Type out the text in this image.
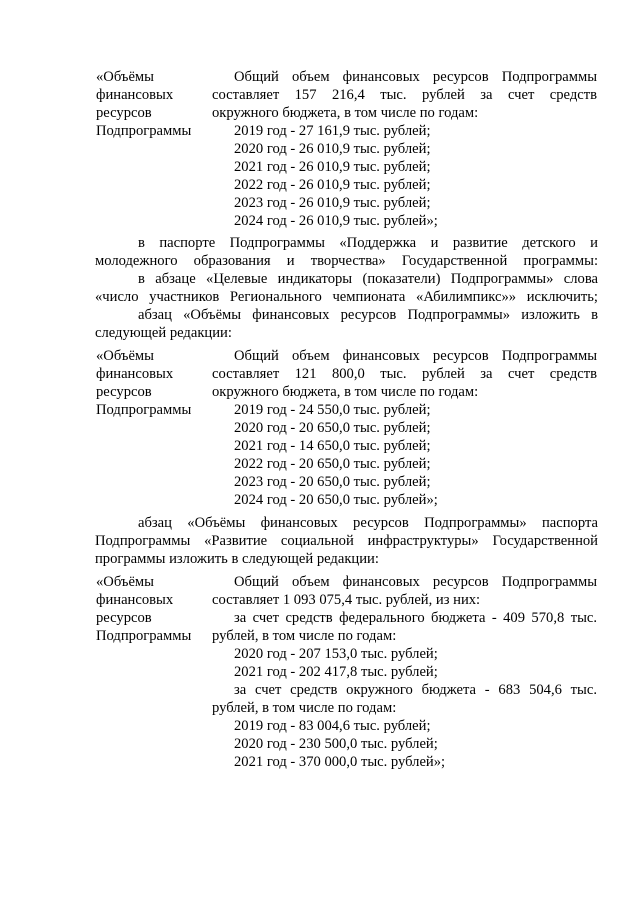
«Объёмы
финансовых
ресурсов
Подпрограммы
Общий объем финансовых ресурсов Подпрограммы
составляет 157 216,4 тыс. рублей за счет средств
окружного бюджета, в том числе по годам:
2019 год - 27 161,9 тыс. рублей;
2020 год - 26 010,9 тыс. рублей;
2021 год - 26 010,9 тыс. рублей;
2022 год - 26 010,9 тыс. рублей;
2023 год - 26 010,9 тыс. рублей;
2024 год - 26 010,9 тыс. рублей»;
в паспорте Подпрограммы «Поддержка и развитие детского и
молодежного образования и творчества» Государственной программы:
в абзаце «Целевые индикаторы (показатели) Подпрограммы» слова
«число участников Регионального чемпионата «Абилимпикс»» исключить;
абзац «Объёмы финансовых ресурсов Подпрограммы» изложить в
следующей редакции:
«Объёмы
финансовых
ресурсов
Подпрограммы
Общий объем финансовых ресурсов Подпрограммы
составляет 121 800,0 тыс. рублей за счет средств
окружного бюджета, в том числе по годам:
2019 год - 24 550,0 тыс. рублей;
2020 год - 20 650,0 тыс. рублей;
2021 год - 14 650,0 тыс. рублей;
2022 год - 20 650,0 тыс. рублей;
2023 год - 20 650,0 тыс. рублей;
2024 год - 20 650,0 тыс. рублей»;
абзац «Объёмы финансовых ресурсов Подпрограммы» паспорта
Подпрограммы «Развитие социальной инфраструктуры» Государственной
программы изложить в следующей редакции:
«Объёмы
финансовых
ресурсов
Подпрограммы
Общий объем финансовых ресурсов Подпрограммы
составляет 1 093 075,4 тыс. рублей, из них:
за счет средств федерального бюджета - 409 570,8 тыс.
рублей, в том числе по годам:
2020 год - 207 153,0 тыс. рублей;
2021 год - 202 417,8 тыс. рублей;
за счет средств окружного бюджета - 683 504,6 тыс.
рублей, в том числе по годам:
2019 год - 83 004,6 тыс. рублей;
2020 год - 230 500,0 тыс. рублей;
2021 год - 370 000,0 тыс. рублей»;
